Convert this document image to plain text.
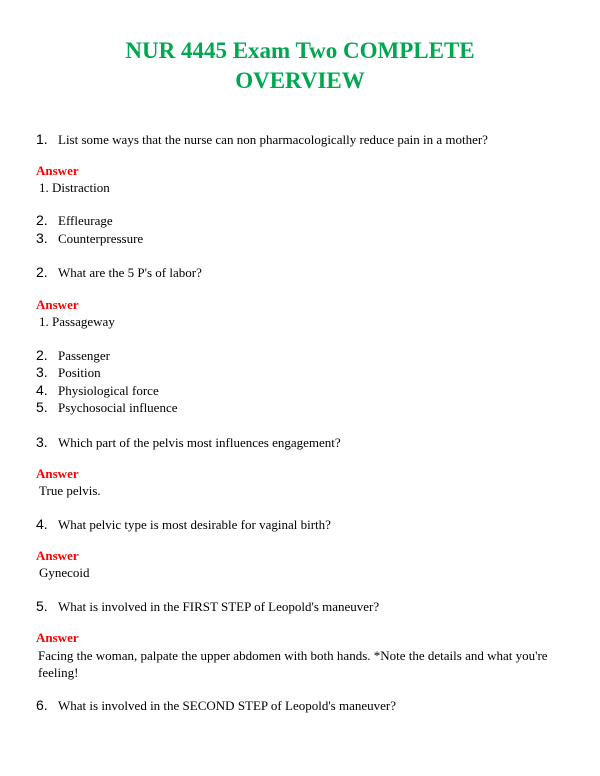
NUR 4445 Exam Two COMPLETE
OVERVIEW
1. List some ways that the nurse can non pharmacologically reduce pain in a mother?
Answer
1. Distraction
2. Effleurage
3. Counterpressure
2. What are the 5 P's of labor?
Answer
1. Passageway
2. Passenger
3. Position
4. Physiological force
5. Psychosocial influence
3. Which part of the pelvis most influences engagement?
Answer
True pelvis.
4. What pelvic type is most desirable for vaginal birth?
Answer
Gynecoid
5. What is involved in the FIRST STEP of Leopold's maneuver?
Answer
Facing the woman, palpate the upper abdomen with both hands. *Note the details and what you're feeling!
6. What is involved in the SECOND STEP of Leopold's maneuver?
